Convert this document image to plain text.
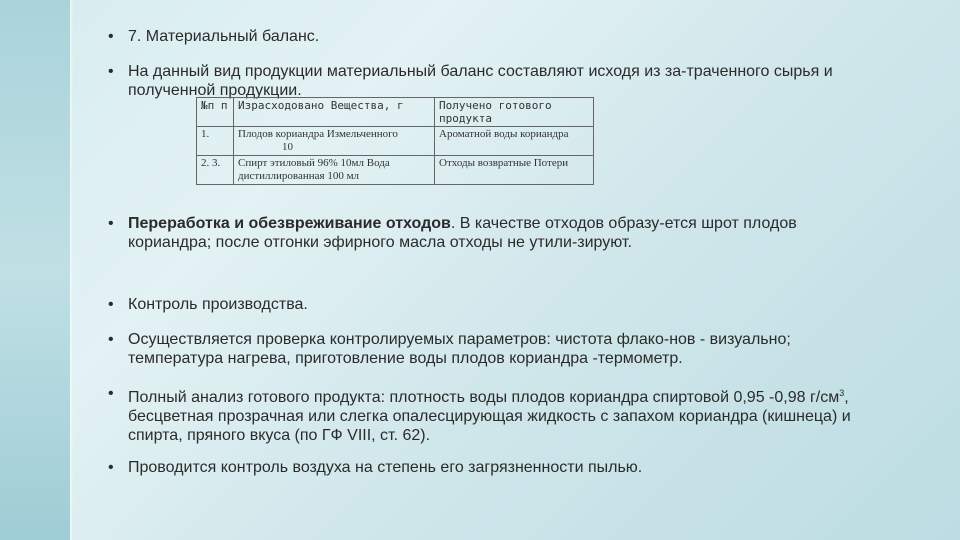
• 7. Материальный баланс.
• На данный вид продукции материальный баланс составляют исходя из за-траченного сырья и полученной продукции.
№п п	Израсходовано Вещества, г	Получено готового продукта
1.	Плодов кориандра Измельченного 10	Ароматной воды кориандра
2. 3.	Спирт этиловый 96% 10мл Вода дистиллированная 100 мл	Отходы возвратные Потери
• Переработка и обезвреживание отходов. В качестве отходов образу-ется шрот плодов кориандра; после отгонки эфирного масла отходы не утили-зируют.
• Контроль производства.
• Осуществляется проверка контролируемых параметров: чистота флако-нов - визуально; температура нагрева, приготовление воды плодов кориандра -термометр.
• Полный анализ готового продукта: плотность воды плодов кориандра спиртовой 0,95 -0,98 $г/см^3$, бесцветная прозрачная или слегка опалесцирующая жидкость с запахом кориандра (кишнеца) и спирта, пряного вкуса (по ГФ VIII, ст. 62).
• Проводится контроль воздуха на степень его загрязненности пылью.
